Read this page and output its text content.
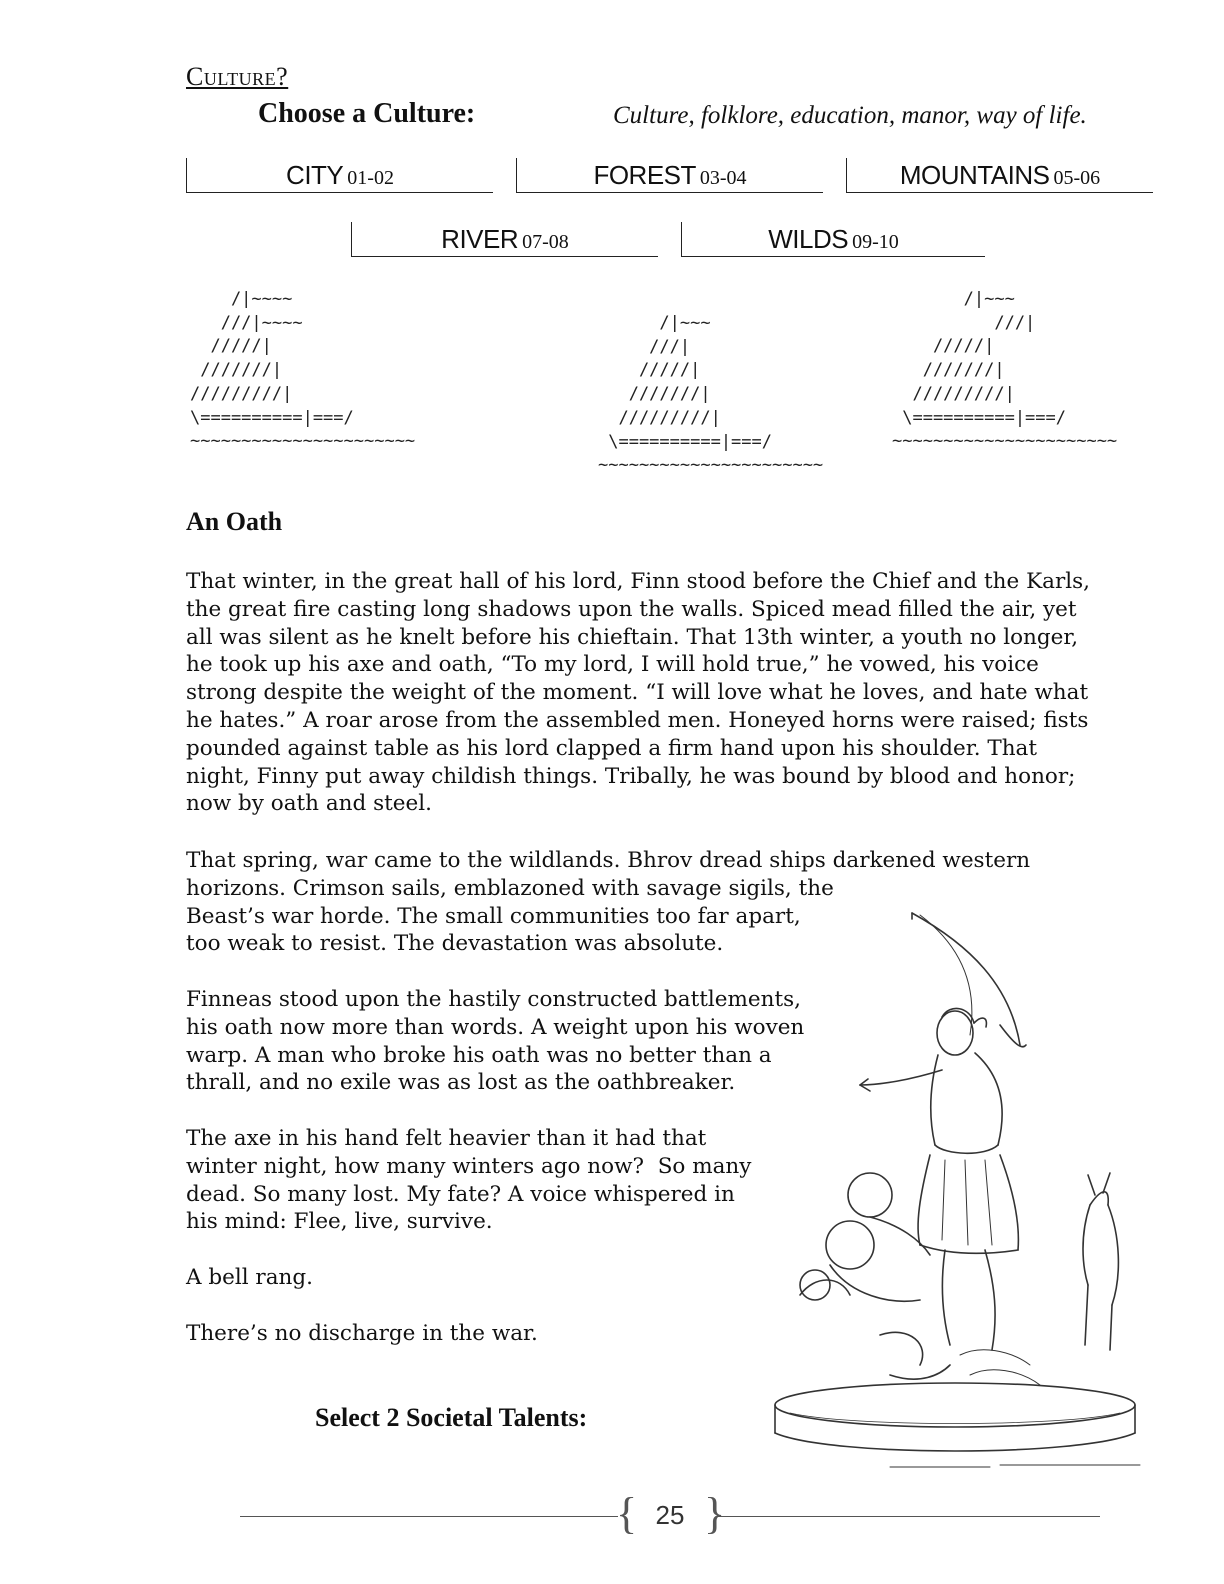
Culture?
Choose a Culture:	Culture, folklore, education, manor, way of life.
CITY 01-02	FOREST 03-04	MOUNTAINS 05-06
RIVER 07-08	WILDS 09-10
/|~~~~
///|~~~~
/////|
///////|
/////////|
\==========|===/
~~~~~~~~~~~~~~~~~~~~~~
/|~~~
///|
/////|
///////|
/////////|
\==========|===/
~~~~~~~~~~~~~~~~~~~~~~
/|~~~
///|
/////|
///////|
/////////|
\==========|===/
~~~~~~~~~~~~~~~~~~~~~~
An Oath

That winter, in the great hall of his lord, Finn stood before the Chief and the Karls,
the great fire casting long shadows upon the walls. Spiced mead filled the air, yet
all was silent as he knelt before his chieftain. That 13th winter, a youth no longer,
he took up his axe and oath, “To my lord, I will hold true,” he vowed, his voice
strong despite the weight of the moment. “I will love what he loves, and hate what
he hates.” A roar arose from the assembled men. Honeyed horns were raised; fists
pounded against table as his lord clapped a firm hand upon his shoulder. That
night, Finny put away childish things. Tribally, he was bound by blood and honor;
now by oath and steel.

That spring, war came to the wildlands. Bhrov dread ships darkened western
horizons. Crimson sails, emblazoned with savage sigils, the
Beast’s war horde. The small communities too far apart,
too weak to resist. The devastation was absolute.

Finneas stood upon the hastily constructed battlements,
his oath now more than words. A weight upon his woven
warp. A man who broke his oath was no better than a
thrall, and no exile was as lost as the oathbreaker.

The axe in his hand felt heavier than it had that
winter night, how many winters ago now?  So many
dead. So many lost. My fate? A voice whispered in
his mind: Flee, live, survive.

A bell rang.

There’s no discharge in the war.

Select 2 Societal Talents:
{ }
25
